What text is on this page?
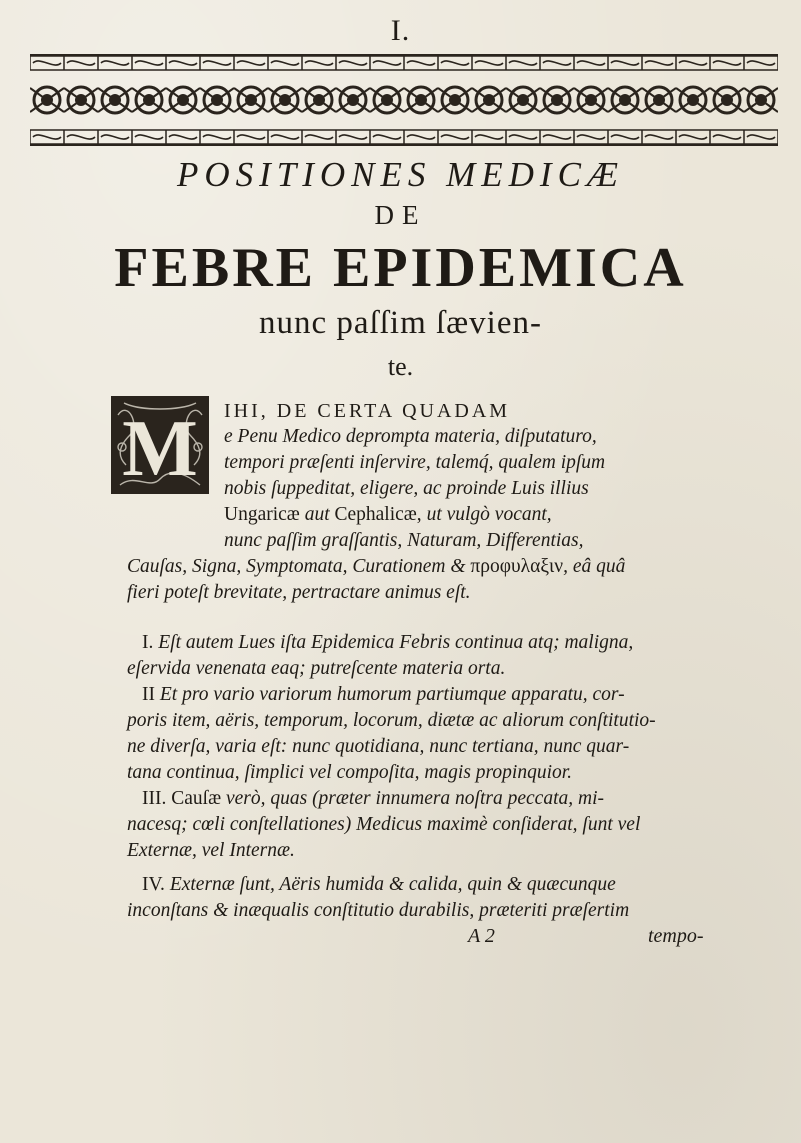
I.
POSITIONES MEDICÆ
DE
FEBRE EPIDEMICA
nunc paſſim ſævien-
te.
M IHI, DE CERTA QUADAM
e Penu Medico deprompta materia, diſputaturo,
tempori præſenti inſervire, talemq́, qualem ipſum
nobis ſuppeditat, eligere, ac proinde Luis illius
Ungaricæ aut Cephalicæ, ut vulgò vocant,
nunc paſſim graſſantis, Naturam, Differentias,
Cauſas, Signa, Symptomata, Curationem & προφυλαξιν, eâ quâ
fieri poteſt brevitate, pertractare animus eſt.
I. Eſt autem Lues iſta Epidemica Febris continua atq; maligna,
eſervida venenata eaq; putreſcente materia orta.
II Et pro vario variorum humorum partiumque apparatu, cor-
poris item, aëris, temporum, locorum, diætæ ac aliorum conſtitutio-
ne diverſa, varia eſt: nunc quotidiana, nunc tertiana, nunc quar-
tana continua, ſimplici vel compoſita, magis propinquior.
III. Cauſæ verò, quas (præter innumera noſtra peccata, mi-
nacesq; cœli conſtellationes) Medicus maximè conſiderat, ſunt vel
Externæ, vel Internæ.
IV. Externæ ſunt, Aëris humida & calida, quin & quæcunque
inconſtans & inæqualis conſtitutio durabilis, præteriti præſertim
A 2	tempo-
